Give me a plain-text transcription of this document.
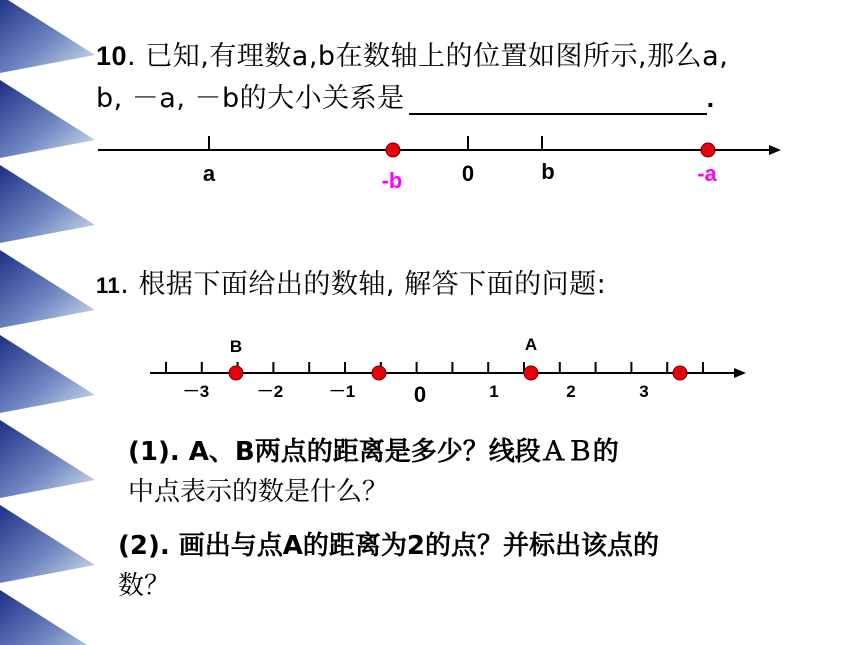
10. 已知,有理数a,b在数轴上的位置如图所示,那么a,
b, －a, －b的大小关系是	.
a	-b	0	b	-a
11. 根据下面给出的数轴, 解答下面的问题:
B	A
－3	－2	－1	0	1	2	3
(1). A、B两点的距离是多少？线段ＡＢ的
中点表示的数是什么？
(2). 画出与点A的距离为2的点？并标出该点的
数？
